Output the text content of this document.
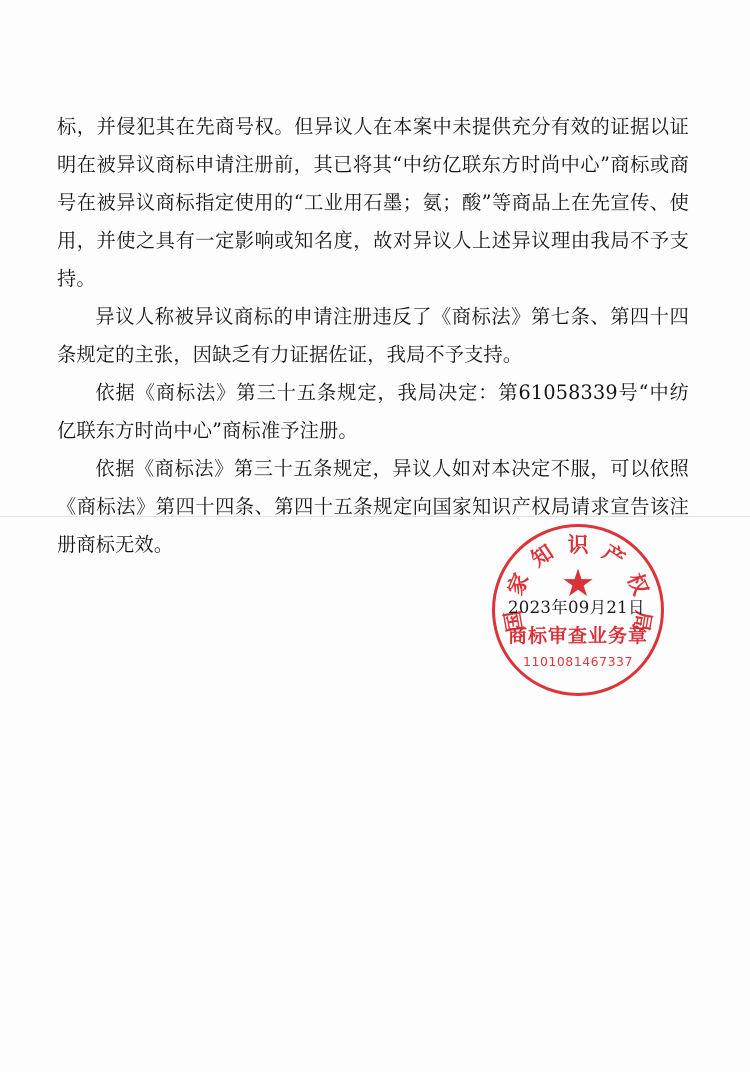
标，并侵犯其在先商号权。但异议人在本案中未提供充分有效的证据以证明在被异议商标申请注册前，其已将其“中纺亿联东方时尚中心”商标或商号在被异议商标指定使用的“工业用石墨；氨；酸”等商品上在先宣传、使用，并使之具有一定影响或知名度，故对异议人上述异议理由我局不予支持。

异议人称被异议商标的申请注册违反了《商标法》第七条、第四十四条规定的主张，因缺乏有力证据佐证，我局不予支持。

依据《商标法》第三十五条规定，我局决定：第61058339号“中纺亿联东方时尚中心”商标准予注册。

依据《商标法》第三十五条规定，异议人如对本决定不服，可以依照《商标法》第四十四条、第四十五条规定向国家知识产权局请求宣告该注册商标无效。

★
国
家
知 识 产
权
局
商标审查业务章
1101081467337
2023年09月21日
